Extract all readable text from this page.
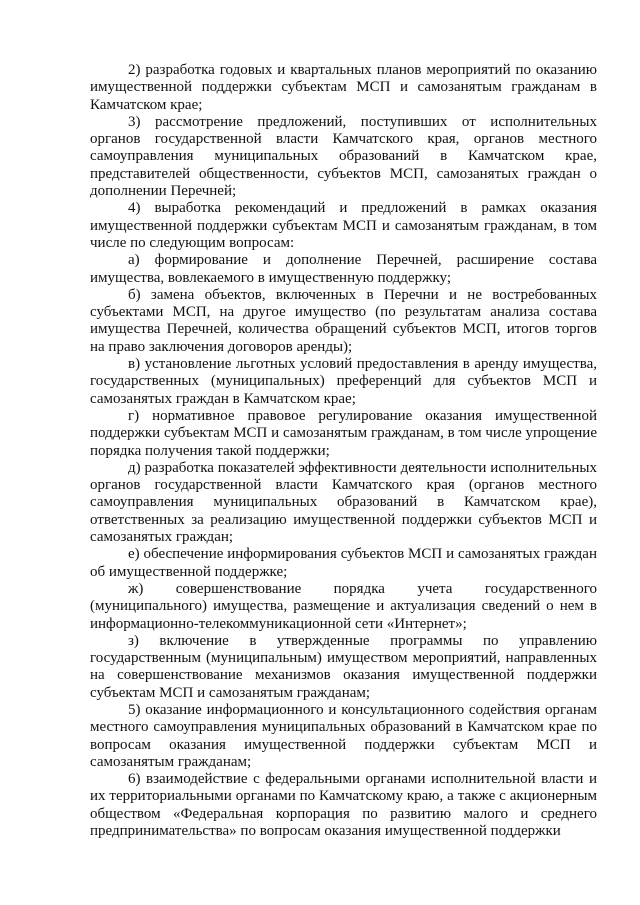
2) разработка годовых и квартальных планов мероприятий по оказанию имущественной поддержки субъектам МСП и самозанятым гражданам в Камчатском крае;

3) рассмотрение предложений, поступивших от исполнительных органов государственной власти Камчатского края, органов местного самоуправления муниципальных образований в Камчатском крае, представителей общественности, субъектов МСП, самозанятых граждан о дополнении Перечней;

4) выработка рекомендаций и предложений в рамках оказания имущественной поддержки субъектам МСП и самозанятым гражданам, в том числе по следующим вопросам:

а) формирование и дополнение Перечней, расширение состава имущества, вовлекаемого в имущественную поддержку;

б) замена объектов, включенных в Перечни и не востребованных субъектами МСП, на другое имущество (по результатам анализа состава имущества Перечней, количества обращений субъектов МСП, итогов торгов на право заключения договоров аренды);

в) установление льготных условий предоставления в аренду имущества, государственных (муниципальных) преференций для субъектов МСП и самозанятых граждан в Камчатском крае;

г) нормативное правовое регулирование оказания имущественной поддержки субъектам МСП и самозанятым гражданам, в том числе упрощение порядка получения такой поддержки;

д) разработка показателей эффективности деятельности исполнительных органов государственной власти Камчатского края (органов местного самоуправления муниципальных образований в Камчатском крае), ответственных за реализацию имущественной поддержки субъектов МСП и самозанятых граждан;

е) обеспечение информирования субъектов МСП и самозанятых граждан об имущественной поддержке;

ж) совершенствование порядка учета государственного (муниципального) имущества, размещение и актуализация сведений о нем в информационно-телекоммуникационной сети «Интернет»;

з) включение в утвержденные программы по управлению государственным (муниципальным) имуществом мероприятий, направленных на совершенствование механизмов оказания имущественной поддержки субъектам МСП и самозанятым гражданам;

5) оказание информационного и консультационного содействия органам местного самоуправления муниципальных образований в Камчатском крае по вопросам оказания имущественной поддержки субъектам МСП и самозанятым гражданам;

6) взаимодействие с федеральными органами исполнительной власти и их территориальными органами по Камчатскому краю, а также с акционерным обществом «Федеральная корпорация по развитию малого и среднего предпринимательства» по вопросам оказания имущественной поддержки
